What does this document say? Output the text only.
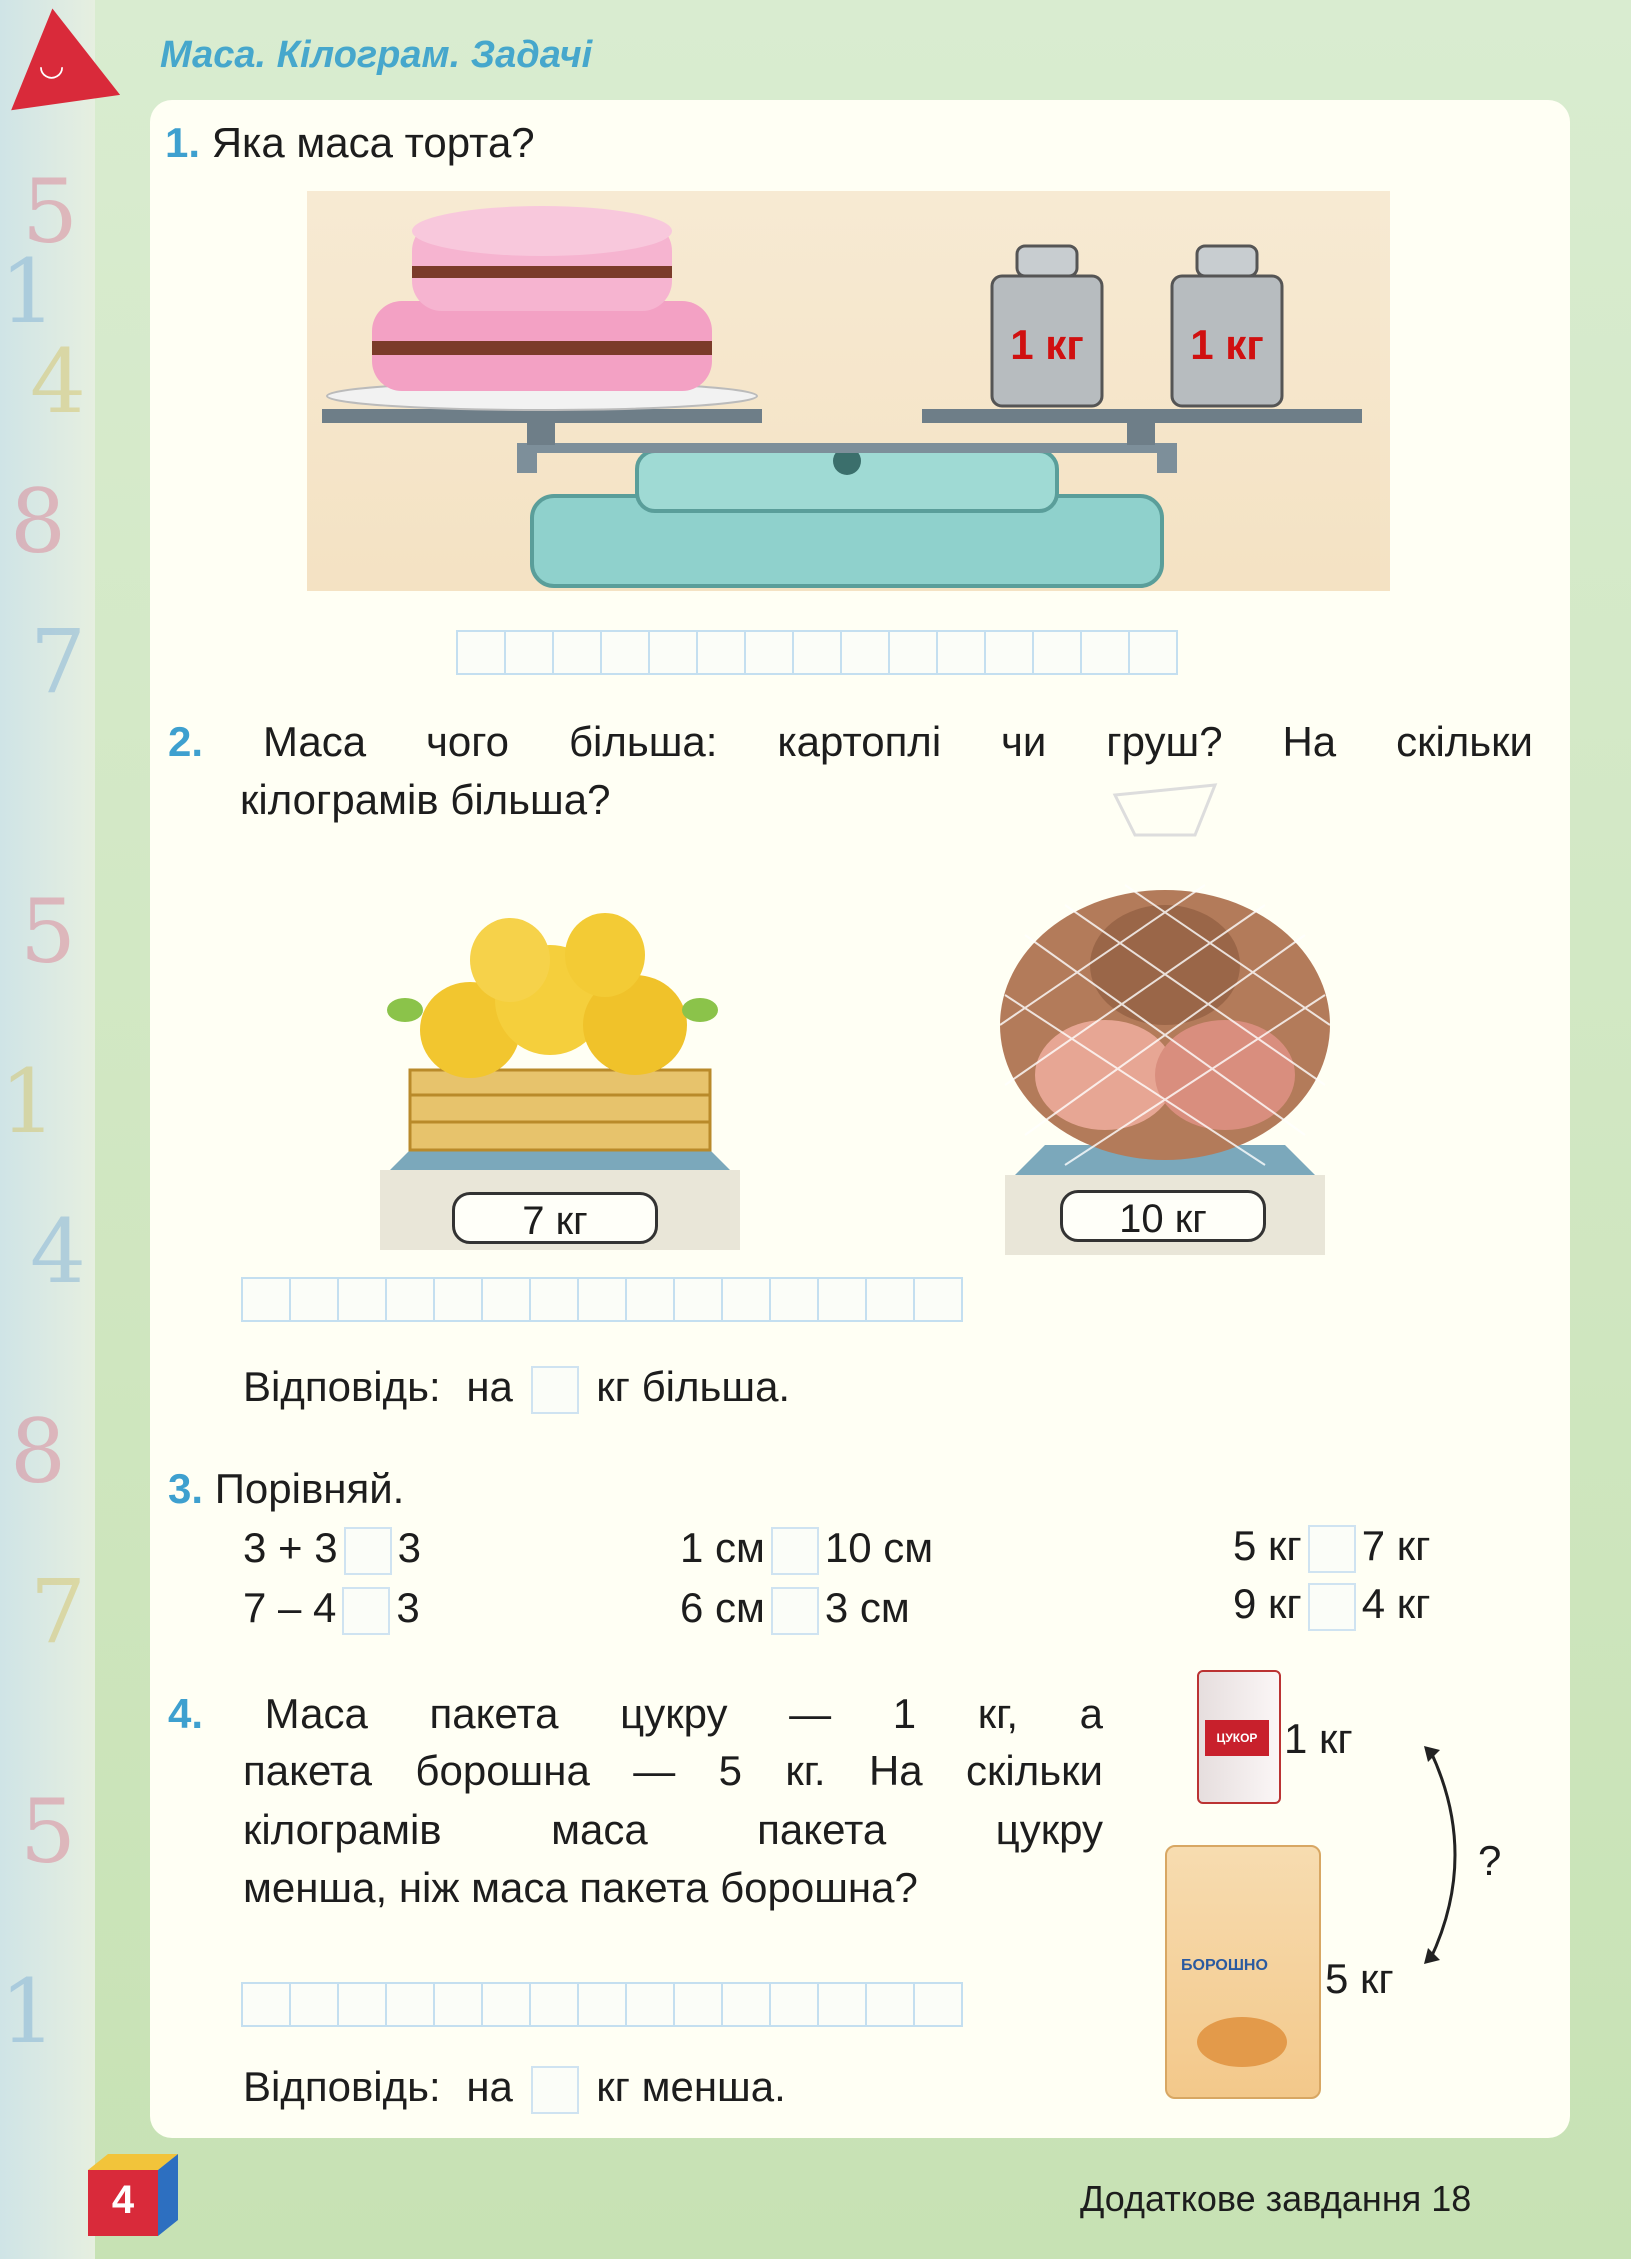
5
1
4
8
7
5
1
4
8
7
5
1
◡	Маса. Кілограм. Задачі
1. Яка маса торта?
1 кг	1 кг
2. Маса чого більша: картоплі чи груш? На скільки
кілограмів більша?
7 кг	10 кг
Відповідь: на кг більша.
3. Порівняй.
3 + 3 3
7 – 4 3
1 см 10 см
6 см 3 см
5 кг 7 кг
9 кг 4 кг
4. Маса пакета цукру — 1 кг, а
пакета борошна — 5 кг. На скільки
кілограмів маса пакета цукру
менша, ніж маса пакета борошна?
ЦУКОР 1 кг
БОРОШНО 5 кг
?
Відповідь: на кг менша.
4	Додаткове завдання 18
